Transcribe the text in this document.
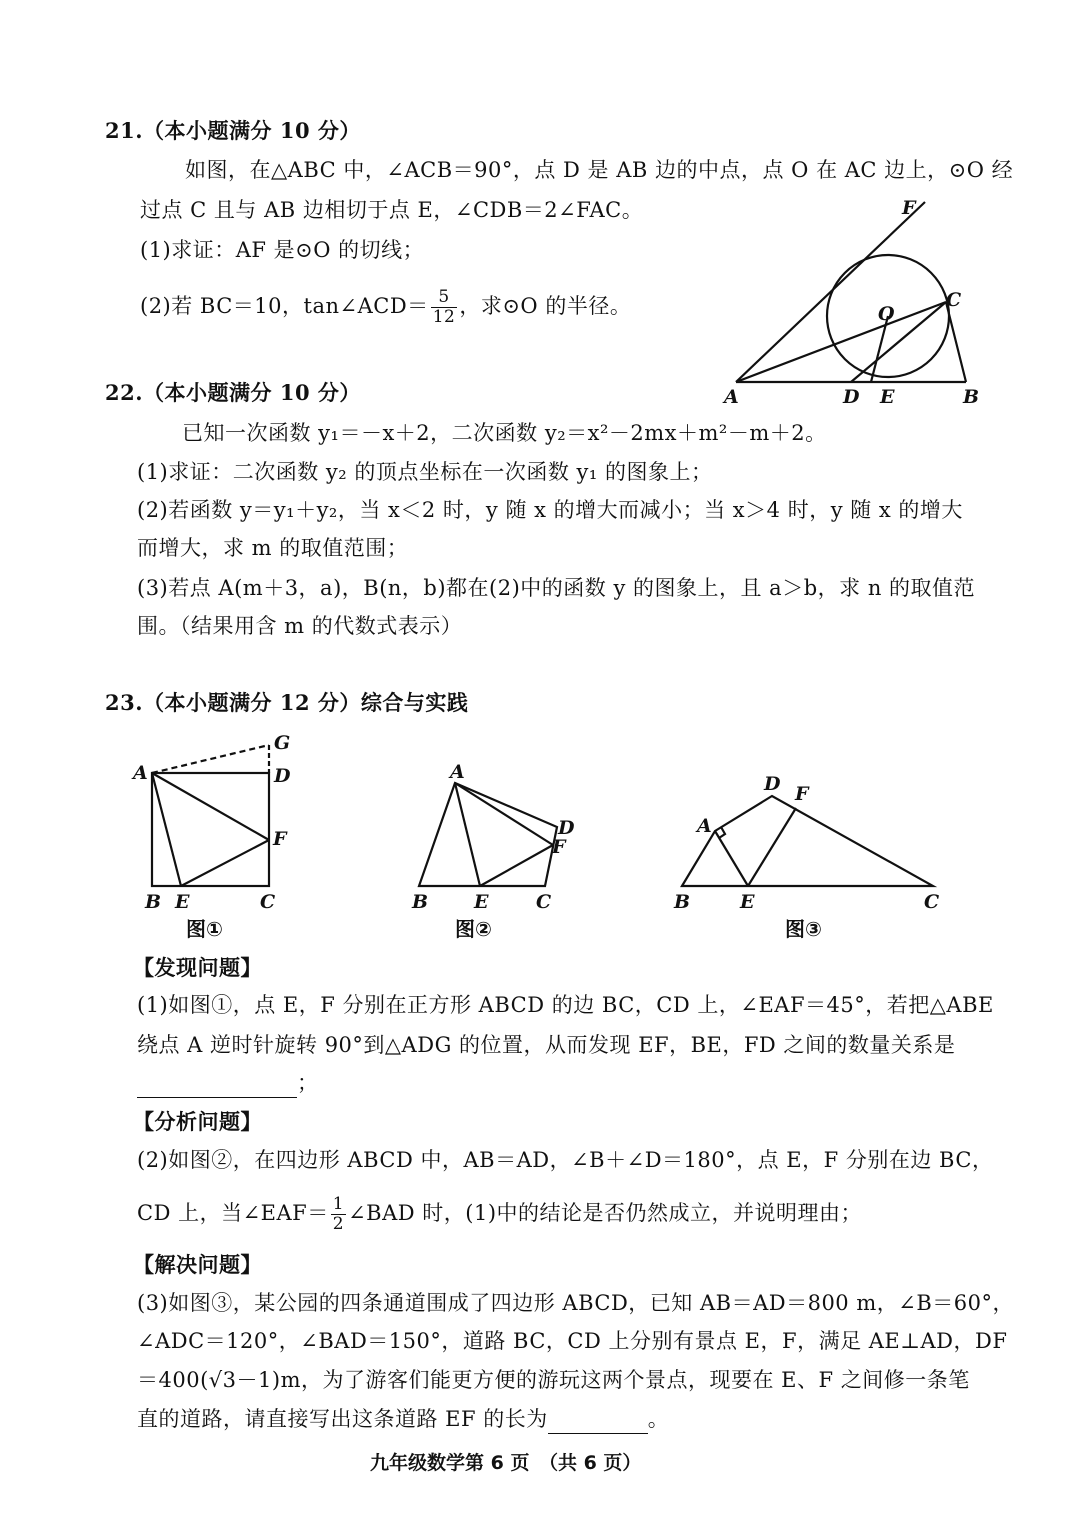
21.（本小题满分 10 分）
如图，在△ABC 中，∠ACB＝90°，点 D 是 AB 边的中点，点 O 在 AC 边上，⊙O 经
过点 C 且与 AB 边相切于点 E，∠CDB＝2∠FAC。
(1)求证：AF 是⊙O 的切线；
(2)若 BC＝10，tan∠ACD＝ $\frac{5}{12}$ ，求⊙O 的半径。
F
O
C
A	D E	B
22.（本小题满分 10 分）
已知一次函数 y₁＝－x＋2，二次函数 y₂＝x²－2mx＋m²－m＋2。
(1)求证：二次函数 y₂ 的顶点坐标在一次函数 y₁ 的图象上；
(2)若函数 y＝y₁＋y₂，当 x＜2 时，y 随 x 的增大而减小；当 x＞4 时，y 随 x 的增大
而增大，求 m 的取值范围；
(3)若点 A(m＋3，a)，B(n，b)都在(2)中的函数 y 的图象上，且 a＞b，求 n 的取值范
围。（结果用含 m 的代数式表示）
23.（本小题满分 12 分）综合与实践
A
G
D
F
B E	C
图①
A
D
F
B E	C
图②
A
D F
B	E	C
图③
【发现问题】
(1)如图①，点 E，F 分别在正方形 ABCD 的边 BC，CD 上，∠EAF＝45°，若把△ABE
绕点 A 逆时针旋转 90°到△ADG 的位置，从而发现 EF，BE，FD 之间的数量关系是
；
【分析问题】
(2)如图②，在四边形 ABCD 中，AB＝AD，∠B＋∠D＝180°，点 E，F 分别在边 BC，
CD 上，当∠EAF＝ $\frac{1}{2}$ ∠BAD 时，(1)中的结论是否仍然成立，并说明理由；
【解决问题】
(3)如图③，某公园的四条通道围成了四边形 ABCD，已知 AB＝AD＝800 m，∠B＝60°，
∠ADC＝120°，∠BAD＝150°，道路 BC，CD 上分别有景点 E，F，满足 AE⊥AD，DF
＝400(√3－1)m，为了游客们能更方便的游玩这两个景点，现要在 E、F 之间修一条笔
直的道路，请直接写出这条道路 EF 的长为	。
九年级数学第 6 页　（共 6 页）
